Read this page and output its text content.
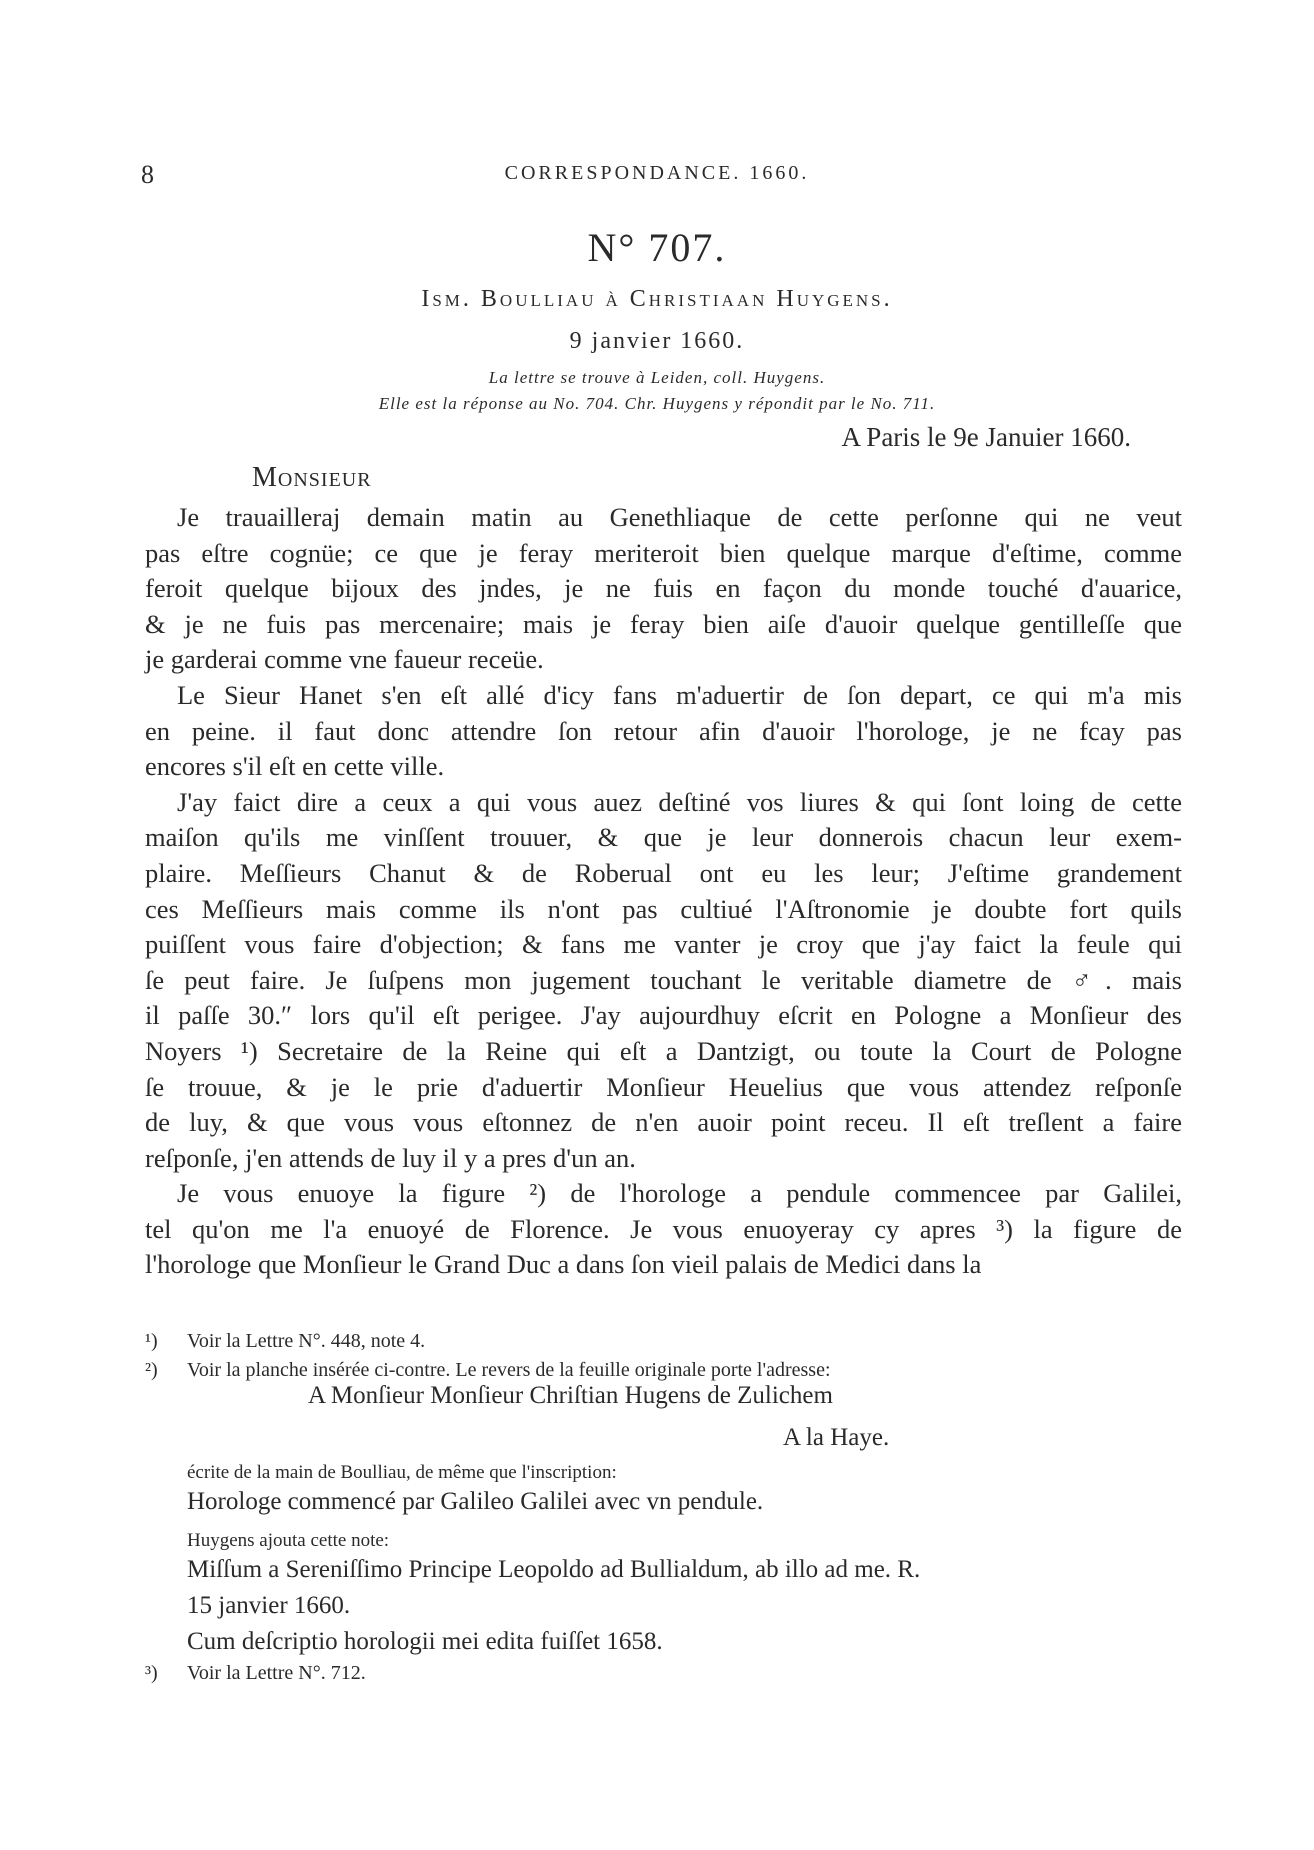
8	CORRESPONDANCE. 1660.
N° 707.
Ism. Boulliau à Christiaan Huygens.
9 janvier 1660.
La lettre se trouve à Leiden, coll. Huygens.
Elle est la réponse au No. 704. Chr. Huygens y répondit par le No. 711.
A Paris le 9e Januier 1660.
Monsieur

Je trauailleraj demain matin au Genethliaque de cette perſonne qui ne veut

pas eſtre cognüe; ce que je feray meriteroit bien quelque marque d'eſtime, comme

feroit quelque bijoux des jndes, je ne fuis en façon du monde touché d'auarice,

& je ne fuis pas mercenaire; mais je feray bien aiſe d'auoir quelque gentilleſſe que

je garderai comme vne faueur receüe.

Le Sieur Hanet s'en eſt allé d'icy fans m'aduertir de ſon depart, ce qui m'a mis

en peine. il faut donc attendre ſon retour afin d'auoir l'horologe, je ne fcay pas

encores s'il eſt en cette ville.

J'ay faict dire a ceux a qui vous auez deſtiné vos liures & qui ſont loing de cette

maiſon qu'ils me vinſſent trouuer, & que je leur donnerois chacun leur exem-

plaire. Meſſieurs Chanut & de Roberual ont eu les leur; J'eſtime grandement

ces Meſſieurs mais comme ils n'ont pas cultiué l'Aſtronomie je doubte fort quils

puiſſent vous faire d'objection; & fans me vanter je croy que j'ay faict la feule qui

ſe peut faire. Je ſuſpens mon jugement touchant le veritable diametre de ♂. mais

il paſſe 30.″ lors qu'il eſt perigee. J'ay aujourdhuy eſcrit en Pologne a Monſieur des

Noyers ¹) Secretaire de la Reine qui eſt a Dantzigt, ou toute la Court de Pologne

ſe trouue, & je le prie d'aduertir Monſieur Heuelius que vous attendez reſponſe

de luy, & que vous vous eſtonnez de n'en auoir point receu. Il eſt treſlent a faire

reſponſe, j'en attends de luy il y a pres d'un an.

Je vous enuoye la figure ²) de l'horologe a pendule commencee par Galilei,

tel qu'on me l'a enuoyé de Florence. Je vous enuoyeray cy apres ³) la figure de

l'horologe que Monſieur le Grand Duc a dans ſon vieil palais de Medici dans la

¹) Voir la Lettre N°. 448, note 4.
²) Voir la planche insérée ci-contre. Le revers de la feuille originale porte l'adresse:
A Monſieur Monſieur Chriſtian Hugens de Zulichem
A la Haye.
écrite de la main de Boulliau, de même que l'inscription:
Horologe commencé par Galileo Galilei avec vn pendule.
Huygens ajouta cette note:
Miſſum a Sereniſſimo Principe Leopoldo ad Bullialdum, ab illo ad me. R.
15 janvier 1660.
Cum deſcriptio horologii mei edita fuiſſet 1658.
³) Voir la Lettre N°. 712.
